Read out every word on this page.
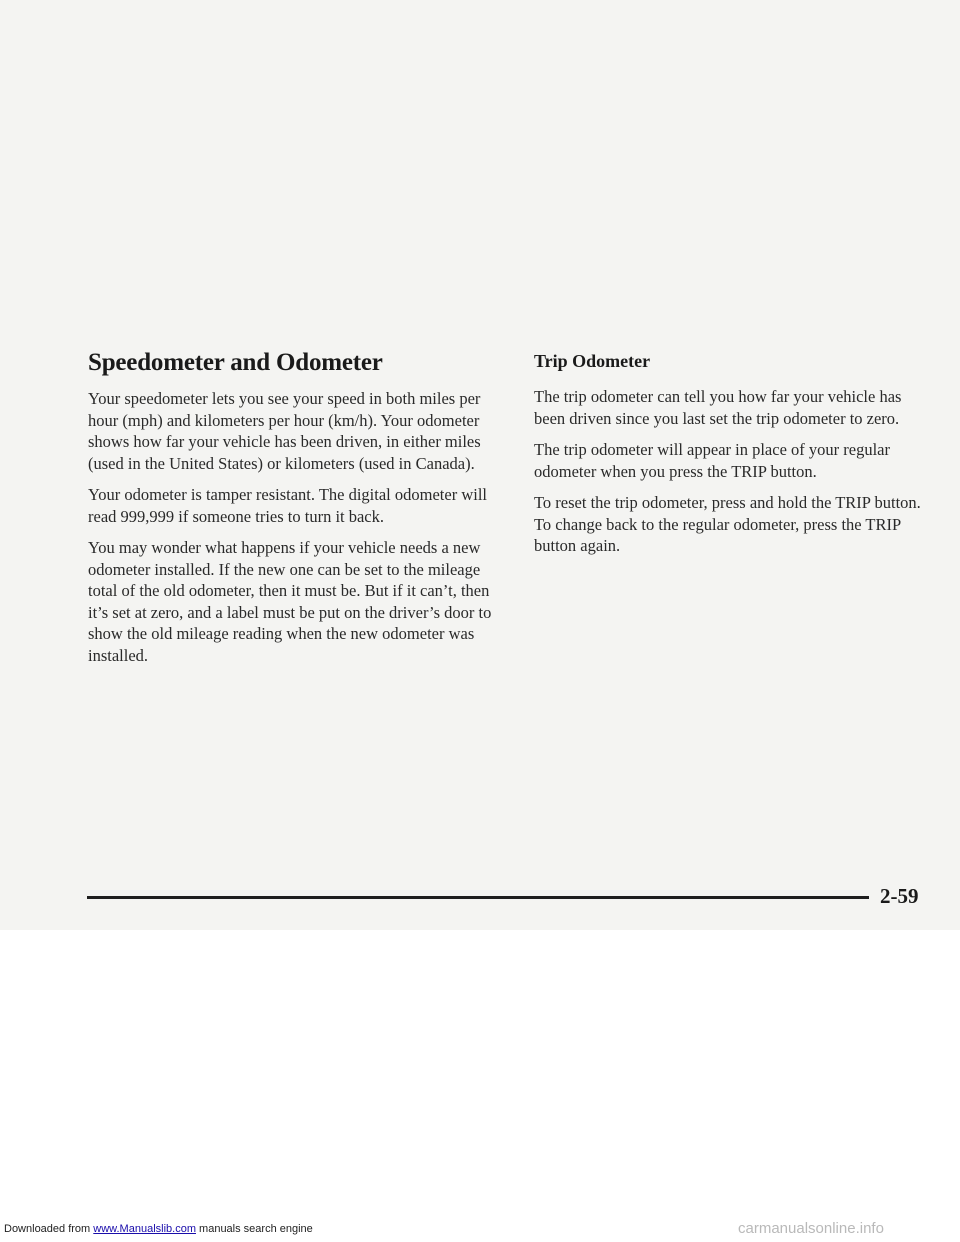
Speedometer and Odometer

Your speedometer lets you see your speed in both miles per hour (mph) and kilometers per hour (km/h). Your odometer shows how far your vehicle has been driven, in either miles (used in the United States) or kilometers (used in Canada).

Your odometer is tamper resistant. The digital odometer will read 999,999 if someone tries to turn it back.

You may wonder what happens if your vehicle needs a new odometer installed. If the new one can be set to the mileage total of the old odometer, then it must be. But if it can’t, then it’s set at zero, and a label must be put on the driver’s door to show the old mileage reading when the new odometer was installed.

Trip Odometer

The trip odometer can tell you how far your vehicle has been driven since you last set the trip odometer to zero.

The trip odometer will appear in place of your regular odometer when you press the TRIP button.

To reset the trip odometer, press and hold the TRIP button. To change back to the regular odometer, press the TRIP button again.

2-59
Downloaded from www.Manualslib.com manuals search engine	carmanualsonline.info
